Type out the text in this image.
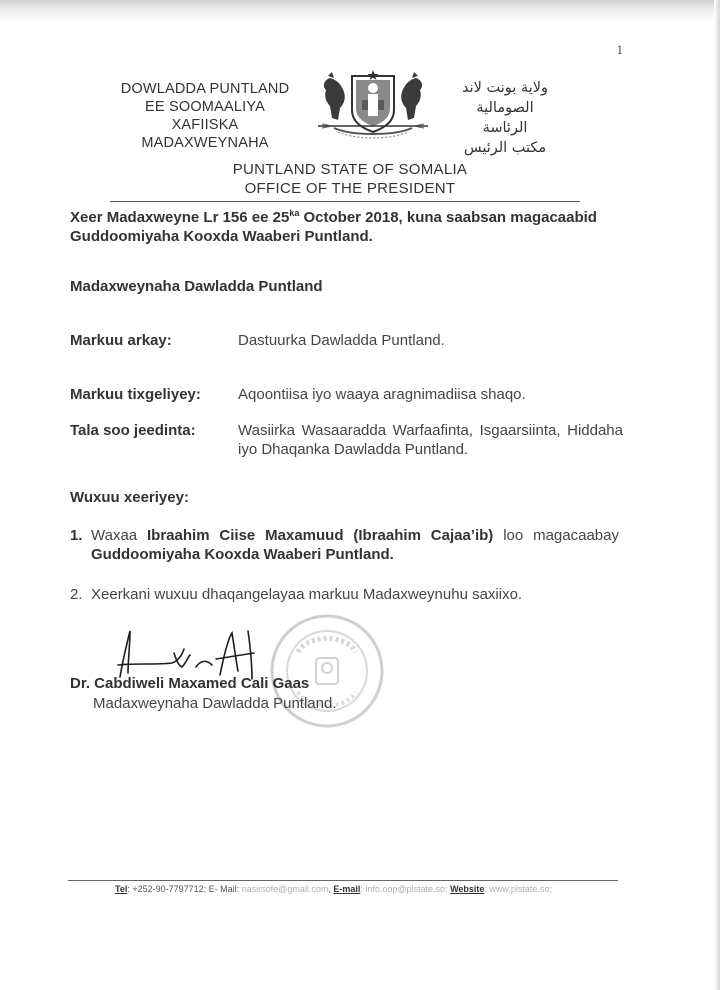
1
DOWLADDA PUNTLAND
EE SOOMAALIYA
XAFIISKA
MADAXWEYNAHA
ولاية بونت لاند
الصومالية
الرئاسة
مكتب الرئيس
PUNTLAND STATE OF SOMALIA
OFFICE OF THE PRESIDENT
Xeer Madaxweyne Lr 156 ee $25^{ka}$ October 2018, kuna saabsan magacaabid Guddoomiyaha Kooxda Waaberi Puntland.
Madaxweynaha Dawladda Puntland
Markuu arkay:	Dastuurka Dawladda Puntland.
Markuu tixgeliyey: Aqoontiisa iyo waaya aragnimadiisa shaqo.
Tala soo jeedinta:	Wasiirka Wasaaradda Warfaafinta, Isgaarsiinta, Hiddaha iyo Dhaqanka Dawladda Puntland.
Wuxuu xeeriyey:
1. Waxaa Ibraahim Ciise Maxamuud (Ibraahim Cajaa’ib) loo magacaabay Guddoomiyaha Kooxda Waaberi Puntland.
2. Xeerkani wuxuu dhaqangelayaa markuu Madaxweynuhu saxiixo.
Dr. Cabdiweli Maxamed Cali Gaas
Madaxweynaha Dawladda Puntland.
Tel: +252-90-7797712; E- Mail: nasirsofe@gmail.com, E-mail: info.oop@plstate.so; Website: www.plstate.so;
